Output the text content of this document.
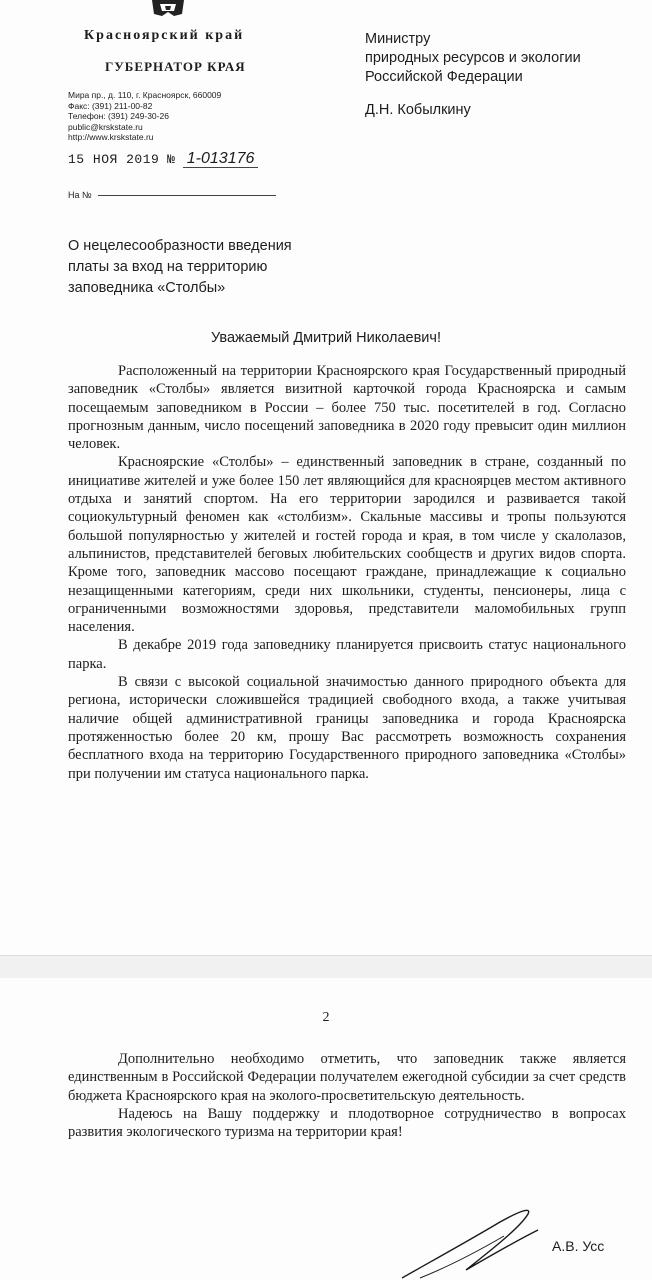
Красноярский край
ГУБЕРНАТОР КРАЯ
Мира пр., д. 110, г. Красноярск, 660009
Факс: (391) 211-00-82
Телефон: (391) 249-30-26
public@krskstate.ru
http://www.krskstate.ru
15 НОЯ 2019 № 1-013176
На №
Министру
природных ресурсов и экологии
Российской Федерации
Д.Н. Кобылкину
О нецелесообразности введения
платы за вход на территорию
заповедника «Столбы»
Уважаемый Дмитрий Николаевич!

Расположенный на территории Красноярского края Государственный природный заповедник «Столбы» является визитной карточкой города Красноярска и самым посещаемым заповедником в России – более 750 тыс. посетителей в год. Согласно прогнозным данным, число посещений заповедника в 2020 году превысит один миллион человек.

Красноярские «Столбы» – единственный заповедник в стране, созданный по инициативе жителей и уже более 150 лет являющийся для красноярцев местом активного отдыха и занятий спортом. На его территории зародился и развивается такой социокультурный феномен как «столбизм». Скальные массивы и тропы пользуются большой популярностью у жителей и гостей города и края, в том числе у скалолазов, альпинистов, представителей беговых любительских сообществ и других видов спорта. Кроме того, заповедник массово посещают граждане, принадлежащие к социально незащищенными категориям, среди них школьники, студенты, пенсионеры, лица с ограниченными возможностями здоровья, представители маломобильных групп населения.

В декабре 2019 года заповеднику планируется присвоить статус национального парка.

В связи с высокой социальной значимостью данного природного объекта для региона, исторически сложившейся традицией свободного входа, а также учитывая наличие общей административной границы заповедника и города Красноярска протяженностью более 20 км, прошу Вас рассмотреть возможность сохранения бесплатного входа на территорию Государственного природного заповедника «Столбы» при получении им статуса национального парка.

2

Дополнительно необходимо отметить, что заповедник также является единственным в Российской Федерации получателем ежегодной субсидии за счет средств бюджета Красноярского края на эколого-просветительскую деятельность.

Надеюсь на Вашу поддержку и плодотворное сотрудничество в вопросах развития экологического туризма на территории края!

А.В. Усс
